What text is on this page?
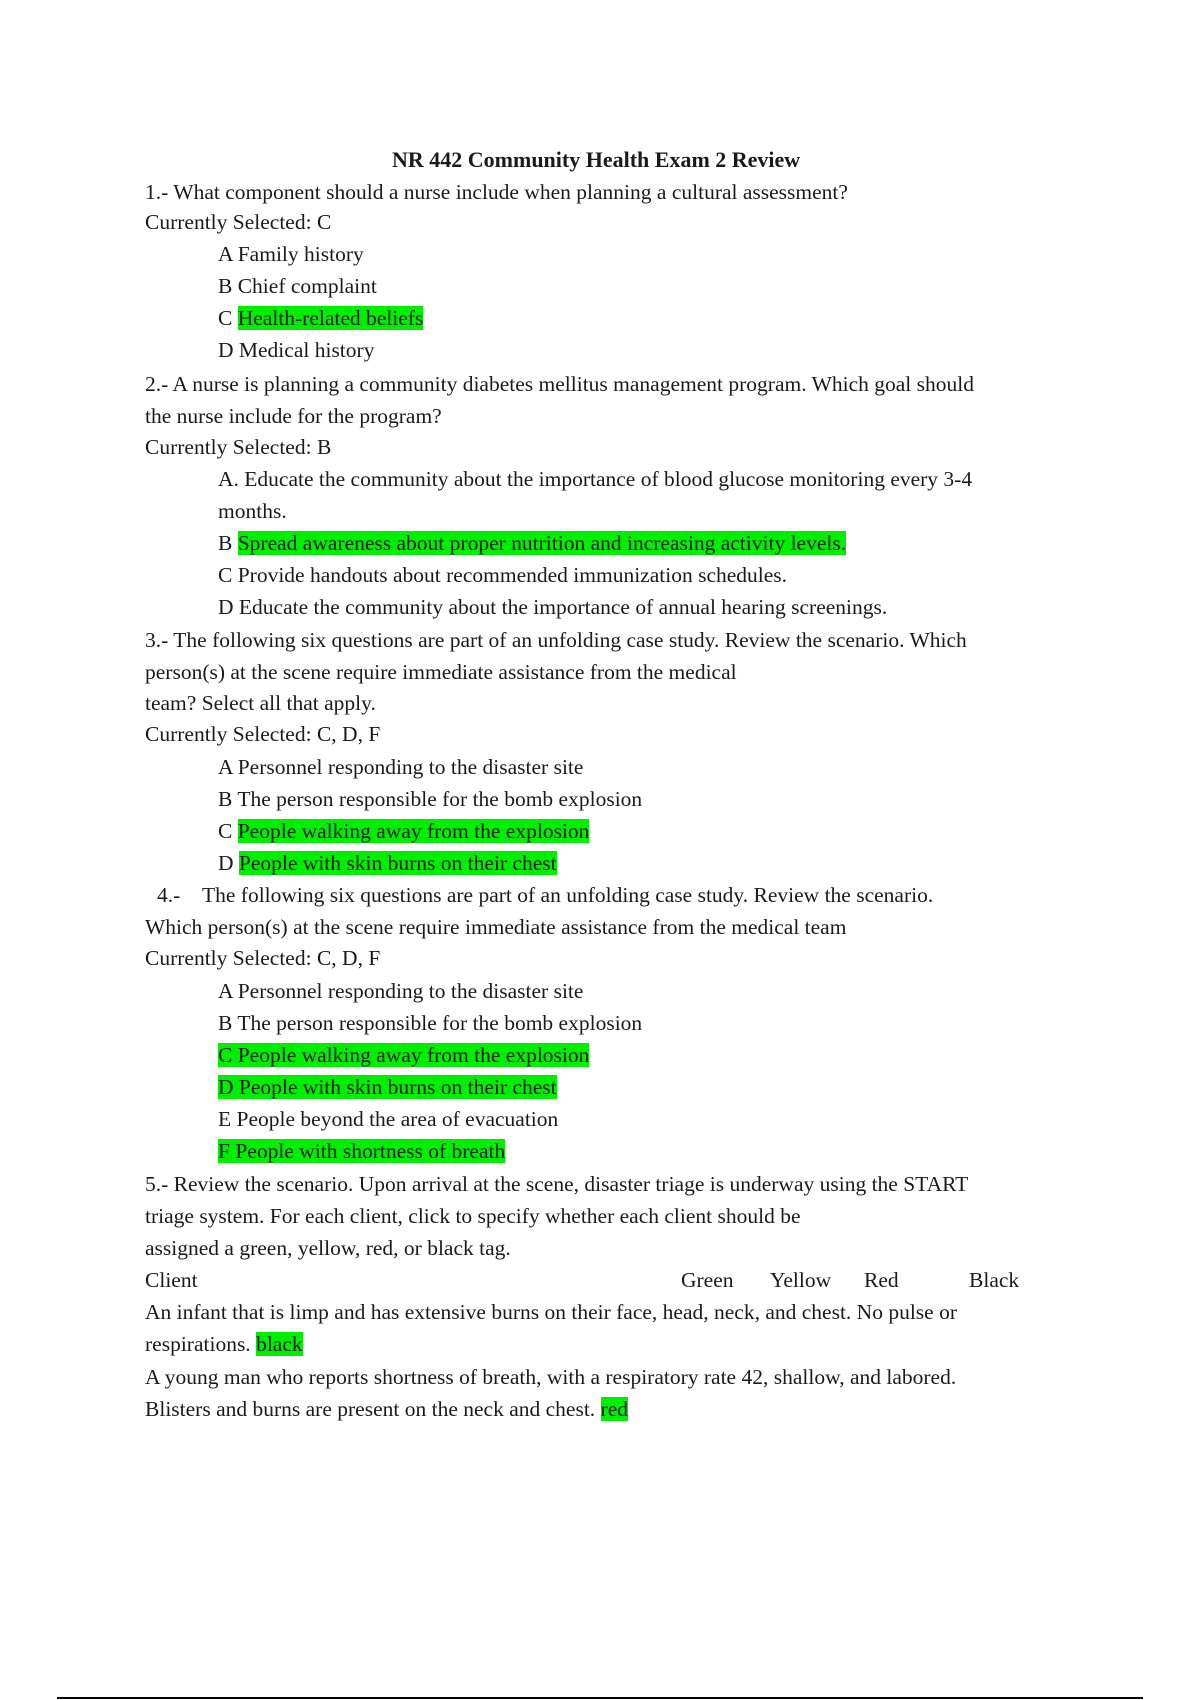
NR 442 Community Health Exam 2 Review
1.- What component should a nurse include when planning a cultural assessment?
Currently Selected: C
A Family history
B Chief complaint
C Health-related beliefs
D Medical history
2.- A nurse is planning a community diabetes mellitus management program. Which goal should
the nurse include for the program?
Currently Selected: B
A. Educate the community about the importance of blood glucose monitoring every 3-4
months.
B Spread awareness about proper nutrition and increasing activity levels.
C Provide handouts about recommended immunization schedules.
D Educate the community about the importance of annual hearing screenings.
3.- The following six questions are part of an unfolding case study. Review the scenario. Which
person(s) at the scene require immediate assistance from the medical
team? Select all that apply.
Currently Selected: C, D, F
A Personnel responding to the disaster site
B The person responsible for the bomb explosion
C People walking away from the explosion
D People with skin burns on their chest
4.- The following six questions are part of an unfolding case study. Review the scenario.
Which person(s) at the scene require immediate assistance from the medical team
Currently Selected: C, D, F
A Personnel responding to the disaster site
B The person responsible for the bomb explosion
C People walking away from the explosion
D People with skin burns on their chest
E People beyond the area of evacuation
F People with shortness of breath
5.- Review the scenario. Upon arrival at the scene, disaster triage is underway using the START
triage system. For each client, click to specify whether each client should be
assigned a green, yellow, red, or black tag.
Client	Green Yellow Red	Black
An infant that is limp and has extensive burns on their face, head, neck, and chest. No pulse or
respirations. black
A young man who reports shortness of breath, with a respiratory rate 42, shallow, and labored.
Blisters and burns are present on the neck and chest. red
